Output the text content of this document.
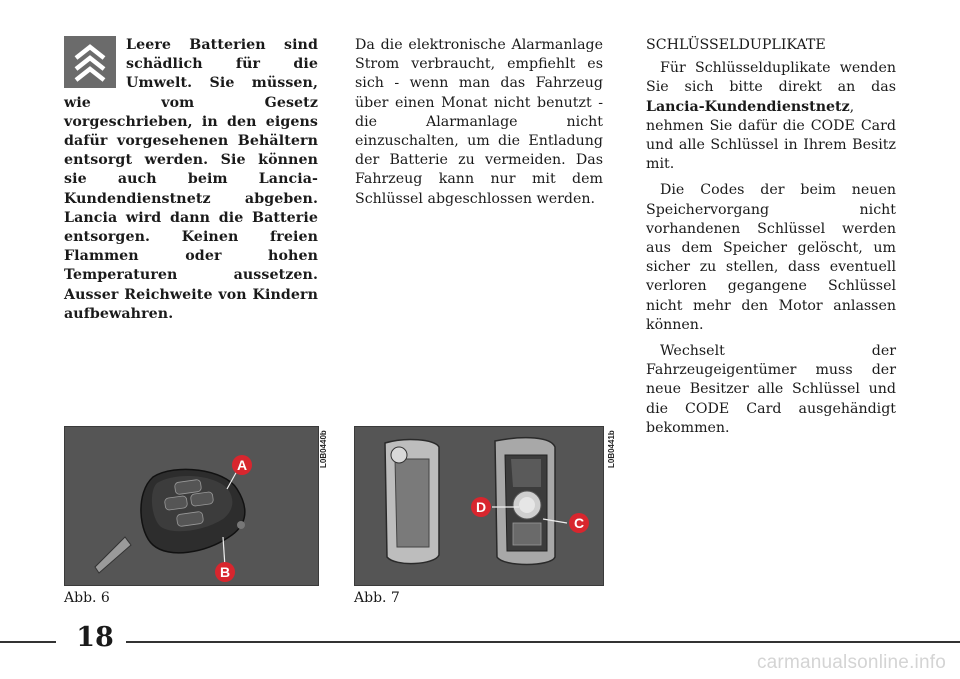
Leere Batterien sind schädlich für die Umwelt. Sie müssen, wie vom Gesetz vorgeschrieben, in den eigens dafür vorgesehenen Behältern entsorgt werden. Sie können sie auch beim Lancia-Kundendienstnetz abgeben. Lancia wird dann die Batterie entsorgen. Keinen freien Flammen oder hohen Temperaturen aussetzen. Ausser Reichweite von Kindern aufbewahren.

Da die elektronische Alarmanlage Strom verbraucht, empfiehlt es sich - wenn man das Fahrzeug über einen Monat nicht benutzt - die Alarmanlage nicht einzuschalten, um die Entladung der Batterie zu vermeiden. Das Fahrzeug kann nur mit dem Schlüssel abgeschlossen werden.

SCHLÜSSELDUPLIKATE

Für Schlüsselduplikate wenden Sie sich bitte direkt an das Lancia-Kundendienstnetz, nehmen Sie dafür die CODE Card und alle Schlüssel in Ihrem Besitz mit.

Die Codes der beim neuen Speichervorgang nicht vorhandenen Schlüssel werden aus dem Speicher gelöscht, um sicher zu stellen, dass eventuell verloren gegangene Schlüssel nicht mehr den Motor anlassen können.

Wechselt der Fahrzeugeigentümer muss der neue Besitzer alle Schlüssel und die CODE Card ausgehändigt bekommen.

A
B
L0B0440b
Abb. 6
D
C
L0B0441b
Abb. 7
18
carmanualsonline.info
